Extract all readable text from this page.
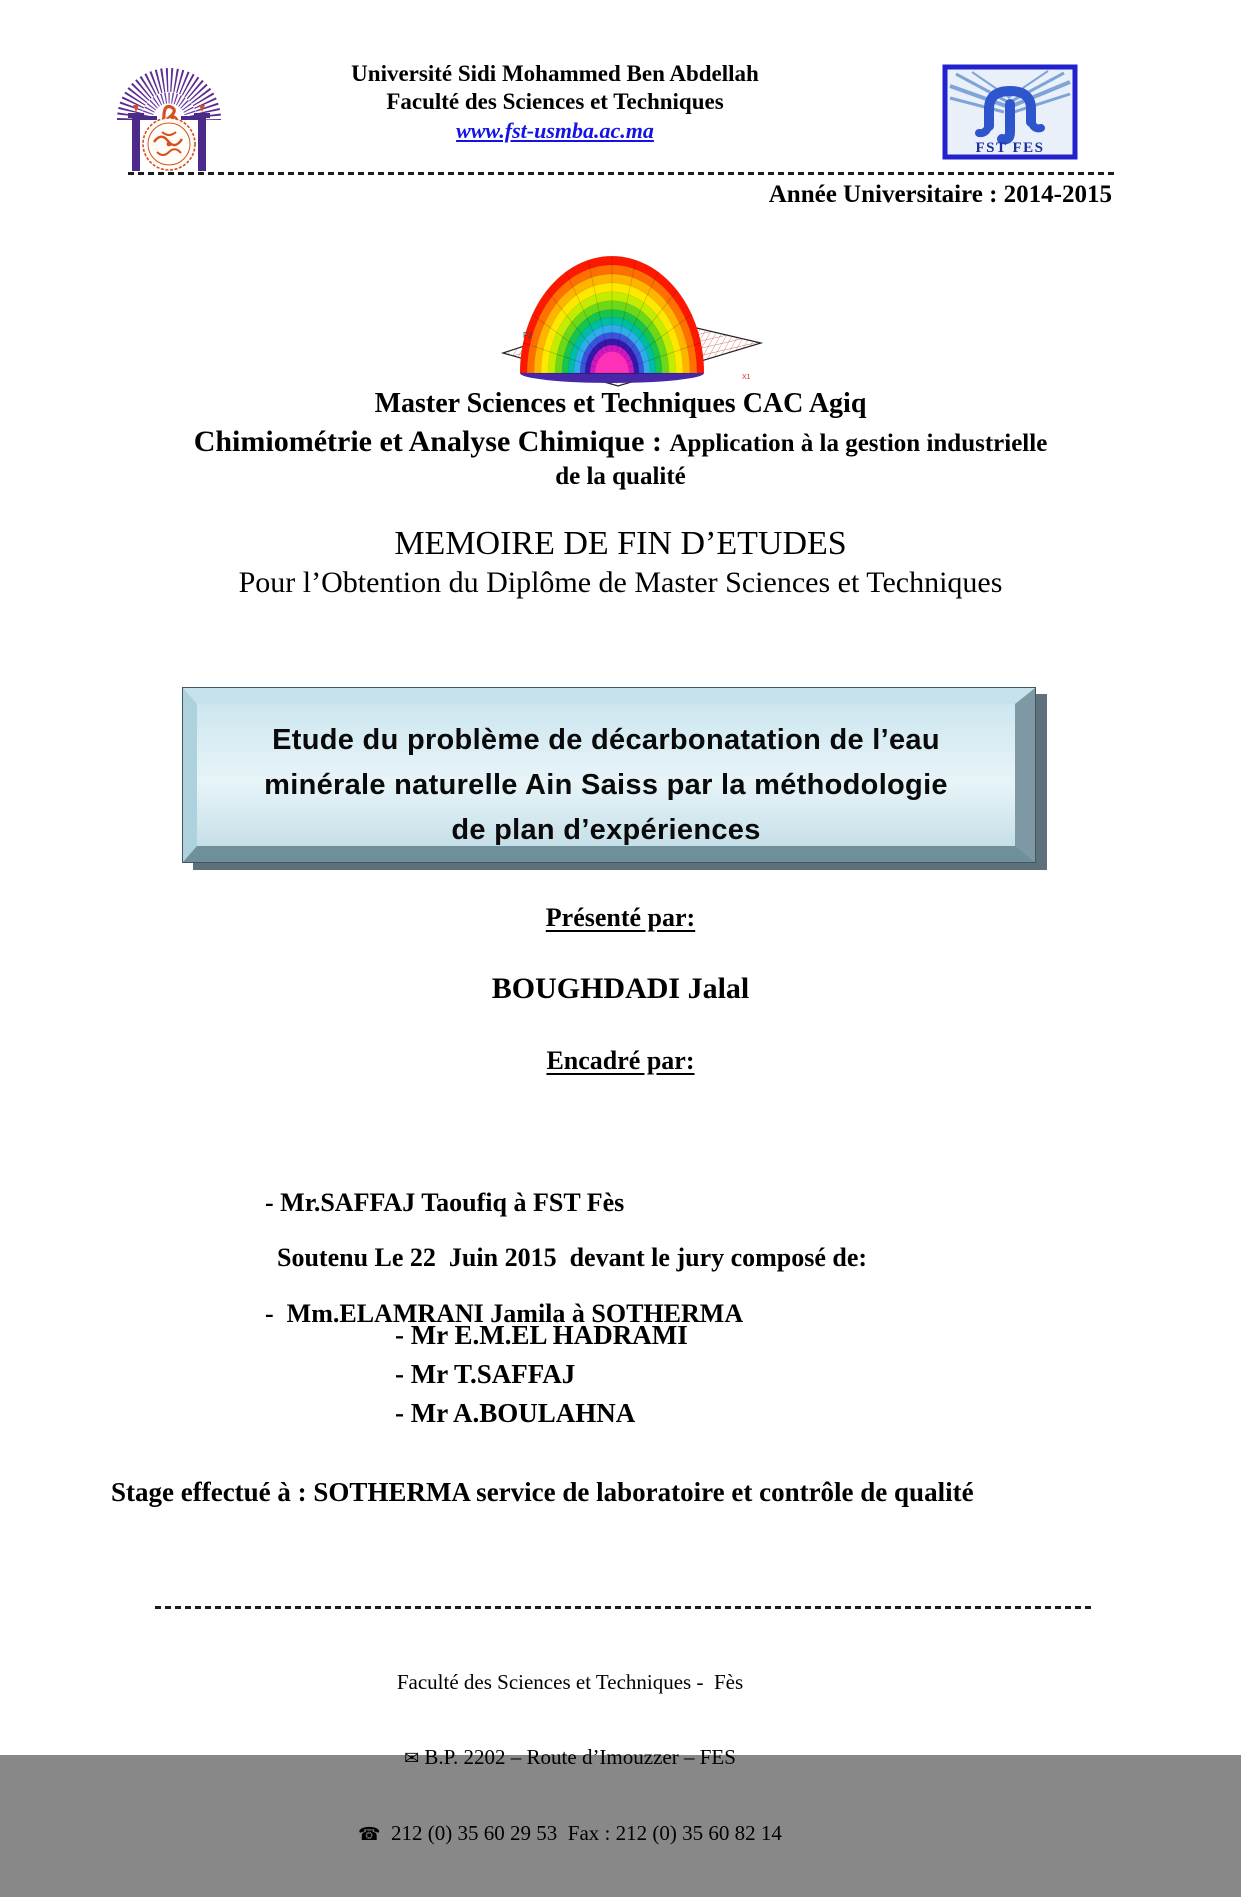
Université Sidi Mohammed Ben Abdellah
Faculté des Sciences et Techniques
www.fst-usmba.ac.ma
FST FES
Année Universitaire : 2014-2015
F2
X1
Master Sciences et Techniques CAC Agiq
Chimiométrie et Analyse Chimique : Application à la gestion industrielle
de la qualité
MEMOIRE DE FIN D’ETUDES
Pour l’Obtention du Diplôme de Master Sciences et Techniques
Etude du problème de décarbonatation de l’eau
minérale naturelle Ain Saiss par la méthodologie
de plan d’expériences
Présenté par:
BOUGHDADI Jalal
Encadré par:

- Mr.SAFFAJ Taoufiq à FST Fès

-  Mm.ELAMRANI Jamila à SOTHERMA

Soutenu Le 22  Juin 2015  devant le jury composé de:
- Mr E.M.EL HADRAMI
- Mr T.SAFFAJ
- Mr A.BOULAHNA
Stage effectué à : SOTHERMA service de laboratoire et contrôle de qualité

Faculté des Sciences et Techniques -  Fès

✉ B.P. 2202 – Route d’Imouzzer – FES

☎ 212 (0) 35 60 29 53  Fax : 212 (0) 35 60 82 14
